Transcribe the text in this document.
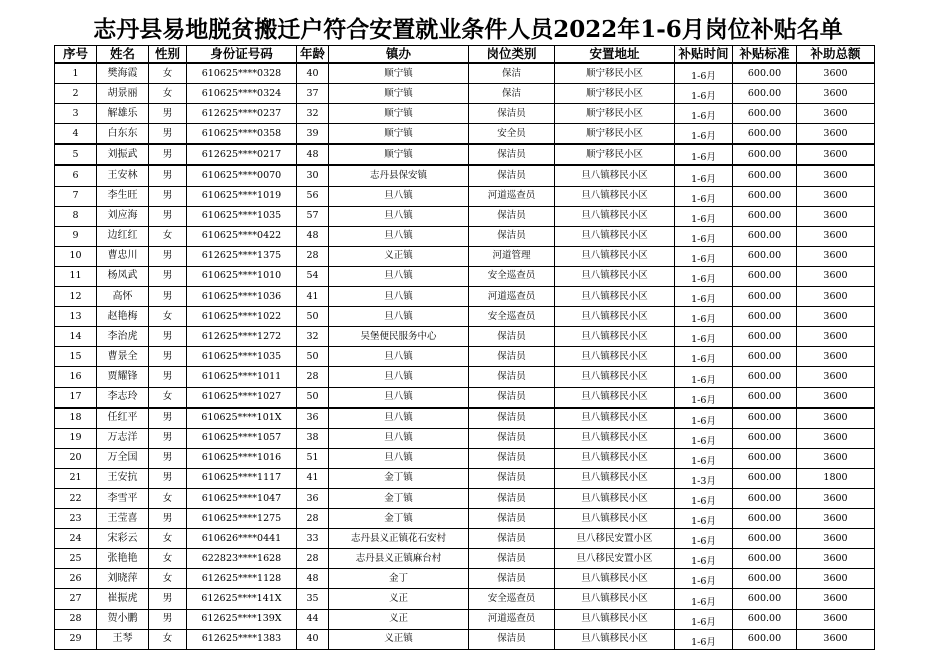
志丹县易地脱贫搬迁户符合安置就业条件人员2022年1-6月岗位补贴名单
序号	姓名	性别	身份证号码	年龄	镇办	岗位类别	安置地址	补贴时间	补贴标准	补助总额
1	樊海霞	女	610625****0328	40	顺宁镇	保洁	顺宁移民小区	1-6月	600.00	3600
2	胡景丽	女	610625****0324	37	顺宁镇	保洁	顺宁移民小区	1-6月	600.00	3600
3	解雄乐	男	612625****0237	32	顺宁镇	保洁员	顺宁移民小区	1-6月	600.00	3600
4	白东东	男	610625****0358	39	顺宁镇	安全员	顺宁移民小区	1-6月	600.00	3600
5	刘振武	男	612625****0217	48	顺宁镇	保洁员	顺宁移民小区	1-6月	600.00	3600
6	王安林	男	610625****0070	30	志丹县保安镇	保洁员	旦八镇移民小区	1-6月	600.00	3600
7	李生旺	男	610625****1019	56	旦八镇	河道巡查员	旦八镇移民小区	1-6月	600.00	3600
8	刘应海	男	610625****1035	57	旦八镇	保洁员	旦八镇移民小区	1-6月	600.00	3600
9	边红红	女	610625****0422	48	旦八镇	保洁员	旦八镇移民小区	1-6月	600.00	3600
10	曹忠川	男	612625****1375	28	义正镇	河道管理	旦八镇移民小区	1-6月	600.00	3600
11	杨凤武	男	610625****1010	54	旦八镇	安全巡查员	旦八镇移民小区	1-6月	600.00	3600
12	高怀	男	610625****1036	41	旦八镇	河道巡查员	旦八镇移民小区	1-6月	600.00	3600
13	赵艳梅	女	610625****1022	50	旦八镇	安全巡查员	旦八镇移民小区	1-6月	600.00	3600
14	李治虎	男	612625****1272	32	吴堡便民服务中心	保洁员	旦八镇移民小区	1-6月	600.00	3600
15	曹景全	男	610625****1035	50	旦八镇	保洁员	旦八镇移民小区	1-6月	600.00	3600
16	贾耀锋	男	610625****1011	28	旦八镇	保洁员	旦八镇移民小区	1-6月	600.00	3600
17	李志玲	女	610625****1027	50	旦八镇	保洁员	旦八镇移民小区	1-6月	600.00	3600
18	任红平	男	610625****101X	36	旦八镇	保洁员	旦八镇移民小区	1-6月	600.00	3600
19	万志洋	男	610625****1057	38	旦八镇	保洁员	旦八镇移民小区	1-6月	600.00	3600
20	万全国	男	610625****1016	51	旦八镇	保洁员	旦八镇移民小区	1-6月	600.00	3600
21	王安抗	男	610625****1117	41	金丁镇	保洁员	旦八镇移民小区	1-3月	600.00	1800
22	李雪平	女	610625****1047	36	金丁镇	保洁员	旦八镇移民小区	1-6月	600.00	3600
23	王莹喜	男	610625****1275	28	金丁镇	保洁员	旦八镇移民小区	1-6月	600.00	3600
24	宋彩云	女	610626****0441	33	志丹县义正镇花石安村	保洁员	旦八移民安置小区	1-6月	600.00	3600
25	张艳艳	女	622823****1628	28	志丹县义正镇麻台村	保洁员	旦八移民安置小区	1-6月	600.00	3600
26	刘晓萍	女	612625****1128	48	金丁	保洁员	旦八镇移民小区	1-6月	600.00	3600
27	崔振虎	男	612625****141X	35	义正	安全巡查员	旦八镇移民小区	1-6月	600.00	3600
28	贺小鹏	男	612625****139X	44	义正	河道巡查员	旦八镇移民小区	1-6月	600.00	3600
29	王琴	女	612625****1383	40	义正镇	保洁员	旦八镇移民小区	1-6月	600.00	3600
